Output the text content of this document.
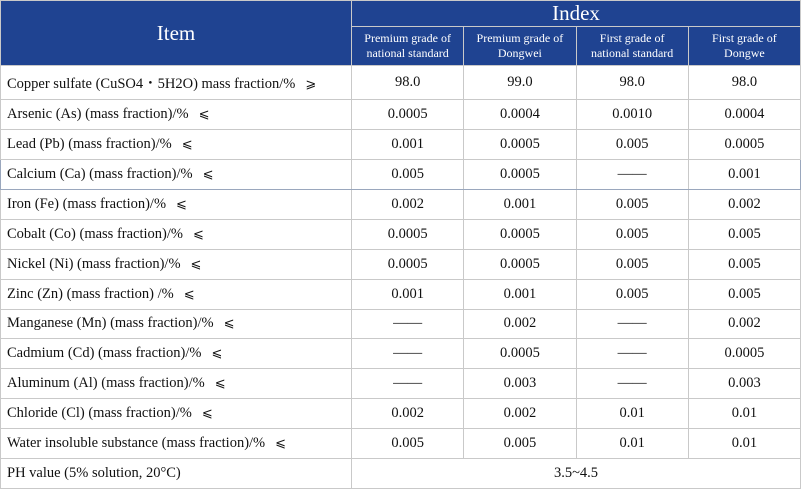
Item	Index			
	Premium grade of national standard	Premium grade of Dongwei	First grade of national standard	First grade of Dongwe
Copper sulfate (CuSO4・5H2O) mass fraction/% ⩾	98.0	99.0	98.0	98.0
Arsenic (As) (mass fraction)/% ⩽	0.0005	0.0004	0.0010	0.0004
Lead (Pb) (mass fraction)/% ⩽	0.001	0.0005	0.005	0.0005
Calcium (Ca) (mass fraction)/% ⩽	0.005	0.0005	——	0.001
Iron (Fe) (mass fraction)/% ⩽	0.002	0.001	0.005	0.002
Cobalt (Co) (mass fraction)/% ⩽	0.0005	0.0005	0.005	0.005
Nickel (Ni) (mass fraction)/% ⩽	0.0005	0.0005	0.005	0.005
Zinc (Zn) (mass fraction) /% ⩽	0.001	0.001	0.005	0.005
Manganese (Mn) (mass fraction)/% ⩽	——	0.002	——	0.002
Cadmium (Cd) (mass fraction)/% ⩽	——	0.0005	——	0.0005
Aluminum (Al) (mass fraction)/% ⩽	——	0.003	——	0.003
Chloride (Cl) (mass fraction)/% ⩽	0.002	0.002	0.01	0.01
Water insoluble substance (mass fraction)/% ⩽	0.005	0.005	0.01	0.01
PH value (5% solution, 20°C)	3.5~4.5			
